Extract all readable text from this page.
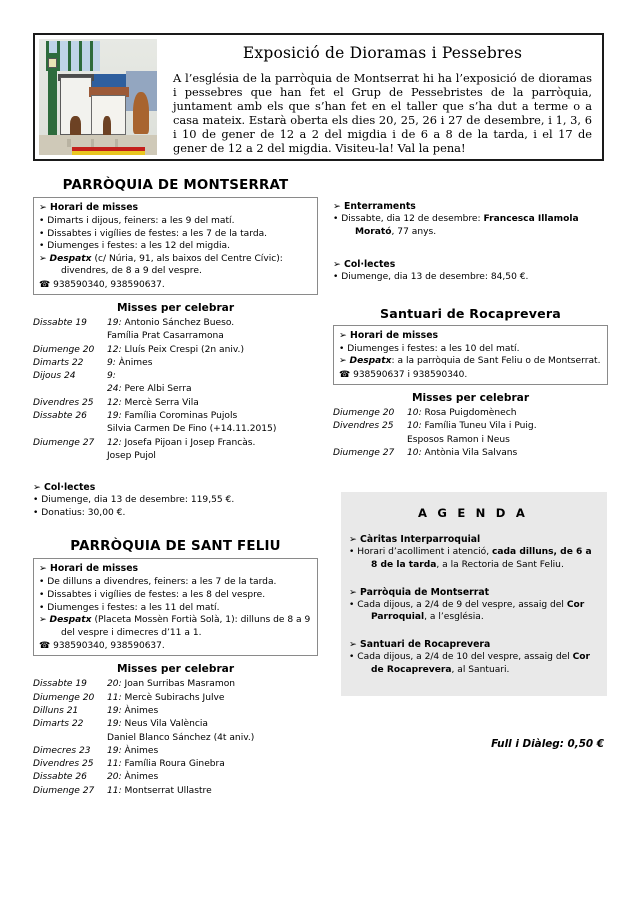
Exposició de Dioramas i Pessebres
A l’església de la parròquia de Montserrat hi ha l’exposició de dioramas i pessebres que han fet el Grup de Pessebristes de la parròquia, juntament amb els que s’han fet en el taller que s’ha dut a terme o a casa mateix. Estarà oberta els dies 20, 25, 26 i 27 de desembre, i 1, 3, 6 i 10 de gener de 12 a 2 del migdia i de 6 a 8 de la tarda, i el 17 de gener de 12 a 2 del migdia. Visiteu-la! Val la pena!
PARRÒQUIA DE MONTSERRAT

➢ Horari de misses

• Dimarts i dijous, feiners: a les 9 del matí.

• Dissabtes i vigílies de festes: a les 7 de la tarda.

• Diumenges i festes: a les 12 del migdia.

➢ Despatx (c/ Núria, 91, als baixos del Centre Cívic):
divendres, de 8 a 9 del vespre.

☎ 938590340, 938590637.

Misses per celebrar
Dissabte 19	19: Antonio Sánchez Bueso.
Família Prat Casarramona
Diumenge 20	12: Lluís Peix Crespi (2n aniv.)
Dimarts 22	9: Ànimes
Dijous 24	9:
	24: Pere Albi Serra
Divendres 25	12: Mercè Serra Vila
Dissabte 26	19: Família Corominas Pujols
Silvia Carmen De Fino (+14.11.2015)
Diumenge 27	12: Josefa Pijoan i Josep Francàs.
Josep Pujol

➢ Col·lectes

• Diumenge, dia 13 de desembre: 119,55 €.

• Donatius: 30,00 €.

PARRÒQUIA DE SANT FELIU

➢ Horari de misses

• De dilluns a divendres, feiners: a les 7 de la tarda.

• Dissabtes i vigílies de festes: a les 8 del vespre.

• Diumenges i festes: a les 11 del matí.

➢ Despatx (Placeta Mossèn Fortià Solà, 1): dilluns de 8 a 9
del vespre i dimecres d’11 a 1.

☎ 938590340, 938590637.

Misses per celebrar
Dissabte 19	20: Joan Surribas Masramon
Diumenge 20	11: Mercè Subirachs Julve
Dilluns 21	19: Ànimes
Dimarts 22	19: Neus Vila València
Daniel Blanco Sánchez (4t aniv.)
Dimecres 23	19: Ànimes
Divendres 25	11: Família Roura Ginebra
Dissabte 26	20: Ànimes
Diumenge 27	11: Montserrat Ullastre

➢ Enterraments

• Dissabte, dia 12 de desembre: Francesca Illamola
Morató, 77 anys.

➢ Col·lectes

• Diumenge, dia 13 de desembre: 84,50 €.

Santuari de Rocaprevera

➢ Horari de misses

• Diumenges i festes: a les 10 del matí.

➢ Despatx: a la parròquia de Sant Feliu o de Montserrat.

☎ 938590637 i 938590340.

Misses per celebrar
Diumenge 20	10: Rosa Puigdomènech
Divendres 25	10: Família Tuneu Vila i Puig.
Esposos Ramon i Neus
Diumenge 27	10: Antònia Vila Salvans
A G E N D A

➢ Càritas Interparroquial

• Horari d’acolliment i atenció, cada dilluns, de 6 a
8 de la tarda, a la Rectoria de Sant Feliu.

➢ Parròquia de Montserrat

• Cada dijous, a 2/4 de 9 del vespre, assaig del Cor
Parroquial, a l’església.

➢ Santuari de Rocaprevera

• Cada dijous, a 2/4 de 10 del vespre, assaig del Cor
de Rocaprevera, al Santuari.

Full i Diàleg: 0,50 €
